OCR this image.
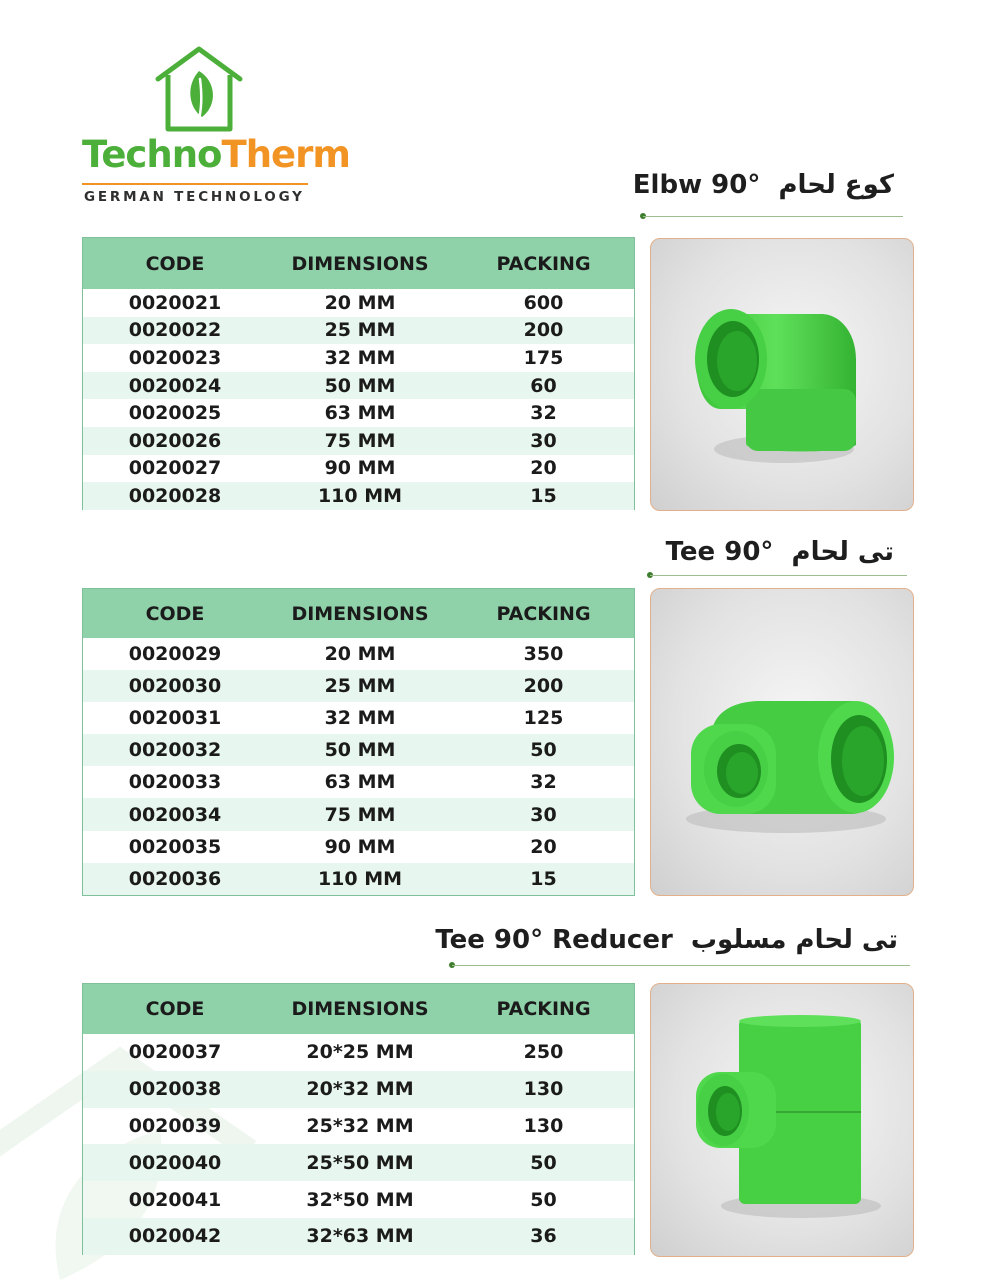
TechnoTherm
GERMAN TECHNOLOGY	Elbw 90° كوع لحام
CODE	DIMENSIONS	PACKING
0020021	20 MM	600
0020022	25 MM	200
0020023	32 MM	175
0020024	50 MM	60
0020025	63 MM	32
0020026	75 MM	30
0020027	90 MM	20
0020028	110 MM	15
Tee 90° تى لحام
CODE	DIMENSIONS	PACKING
0020029	20 MM	350
0020030	25 MM	200
0020031	32 MM	125
0020032	50 MM	50
0020033	63 MM	32
0020034	75 MM	30
0020035	90 MM	20
0020036	110 MM	15
Tee 90° Reducer تى لحام مسلوب
CODE	DIMENSIONS	PACKING
0020037	20*25 MM	250
0020038	20*32 MM	130
0020039	25*32 MM	130
0020040	25*50 MM	50
0020041	32*50 MM	50
0020042	32*63 MM	36
